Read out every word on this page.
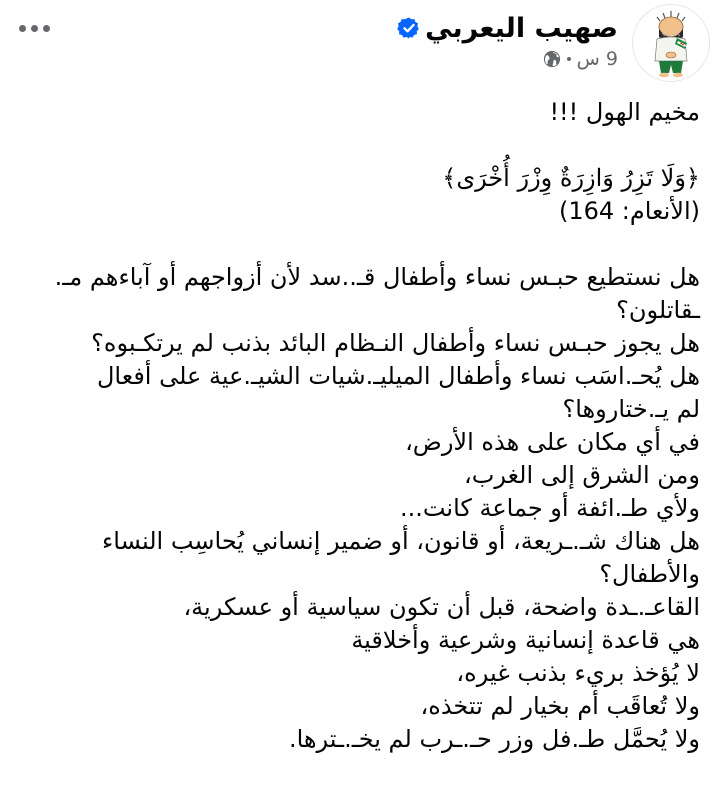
صهيب اليعربي
9 س
مخيم الهول !!!
﴿وَلَا تَزِرُ وَازِرَةٌ وِزْرَ أُخْرَى﴾
(الأنعام: 164)
هل نستطيع حبـس نساء وأطفال قـ..سد لأن أزواجهم أو آباءهم مـ.
ـقاتلون؟
هل يجوز حبـس نساء وأطفال النـظام البائد بذنب لم يرتكـبوه؟
هل يُحـ.اسَب نساء وأطفال الميليـ.شيات الشيـ.عية على أفعال
لم يـ.ختاروها؟
في أي مكان على هذه الأرض،
ومن الشرق إلى الغرب،
ولأي طـ.ائفة أو جماعة كانت...
هل هناك شـ.ـريعة، أو قانون، أو ضمير إنساني يُحاسِب النساء
والأطفال؟
القاعـ.ـدة واضحة، قبل أن تكون سياسية أو عسكرية،
هي قاعدة إنسانية وشرعية وأخلاقية
لا يُؤخذ بريء بذنب غيره،
ولا تُعاقَب أم بخيار لم تتخذه،
ولا يُحمَّل طـ.فل وزر حـ.ـرب لم يخـ.ـترها.
